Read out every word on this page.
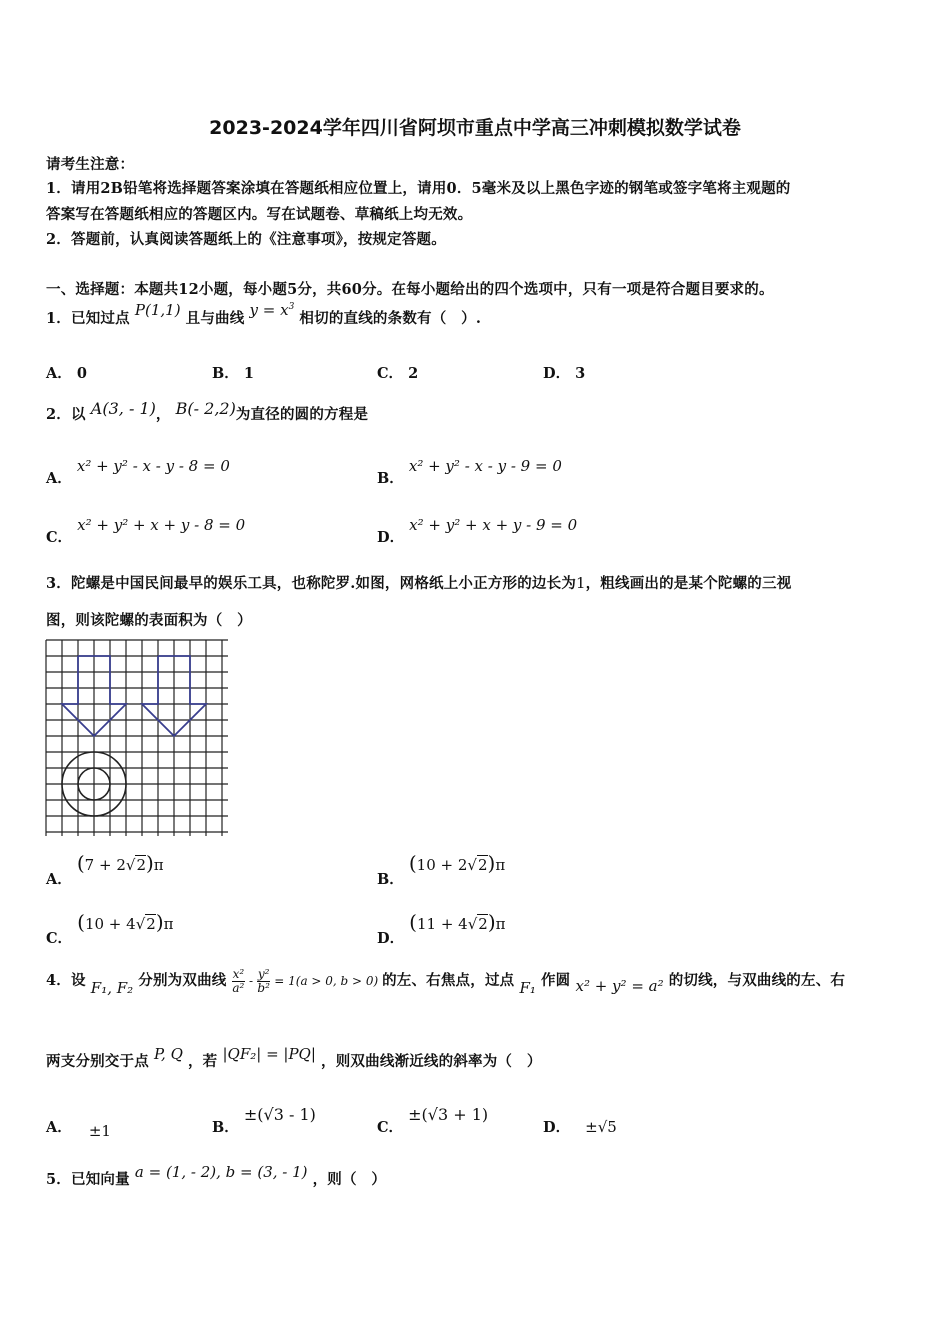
2023-2024学年四川省阿坝市重点中学高三冲刺模拟数学试卷
请考生注意：
1．请用2B铅笔将选择题答案涂填在答题纸相应位置上，请用0．5毫米及以上黑色字迹的钢笔或签字笔将主观题的
答案写在答题纸相应的答题区内。写在试题卷、草稿纸上均无效。
2．答题前，认真阅读答题纸上的《注意事项》，按规定答题。
一、选择题：本题共12小题，每小题5分，共60分。在每小题给出的四个选项中，只有一项是符合题目要求的。
1．已知过点 P(1,1) 且与曲线 $y = x^3$ 相切的直线的条数有（　）.
A． 0	B． 1	C． 2	D． 3
2．以 A(3, - 1)， B(- 2,2)为直径的圆的方程是
A． x² + y² - x - y - 8 = 0
B． x² + y² - x - y - 9 = 0
C． x² + y² + x + y - 8 = 0
D． x² + y² + x + y - 9 = 0
3．陀螺是中国民间最早的娱乐工具，也称陀罗.如图，网格纸上小正方形的边长为1，粗线画出的是某个陀螺的三视
图，则该陀螺的表面积为（　）
A． (7 + 2√2)π
B． (10 + 2√2)π
C． (10 + 4√2)π
D． (11 + 4√2)π
4．设 F₁, F₂ 分别为双曲线 $\frac{\text{x²}}{\text{a²}} - \frac{\text{y²}}{\text{b²}} = 1(a > 0$, b > 0) 的左、右焦点，过点 F₁ 作圆 x² + y² = a² 的切线，与双曲线的左、右
两支分别交于点 P, Q ，若 |QF₂| = |PQ| ，则双曲线渐近线的斜率为（　）
A． ±1	B． ±(√3 - 1)
C． ±(√3 + 1)
D． ±√5
5．已知向量 a = (1, - 2), b = (3, - 1) ，则（　）
